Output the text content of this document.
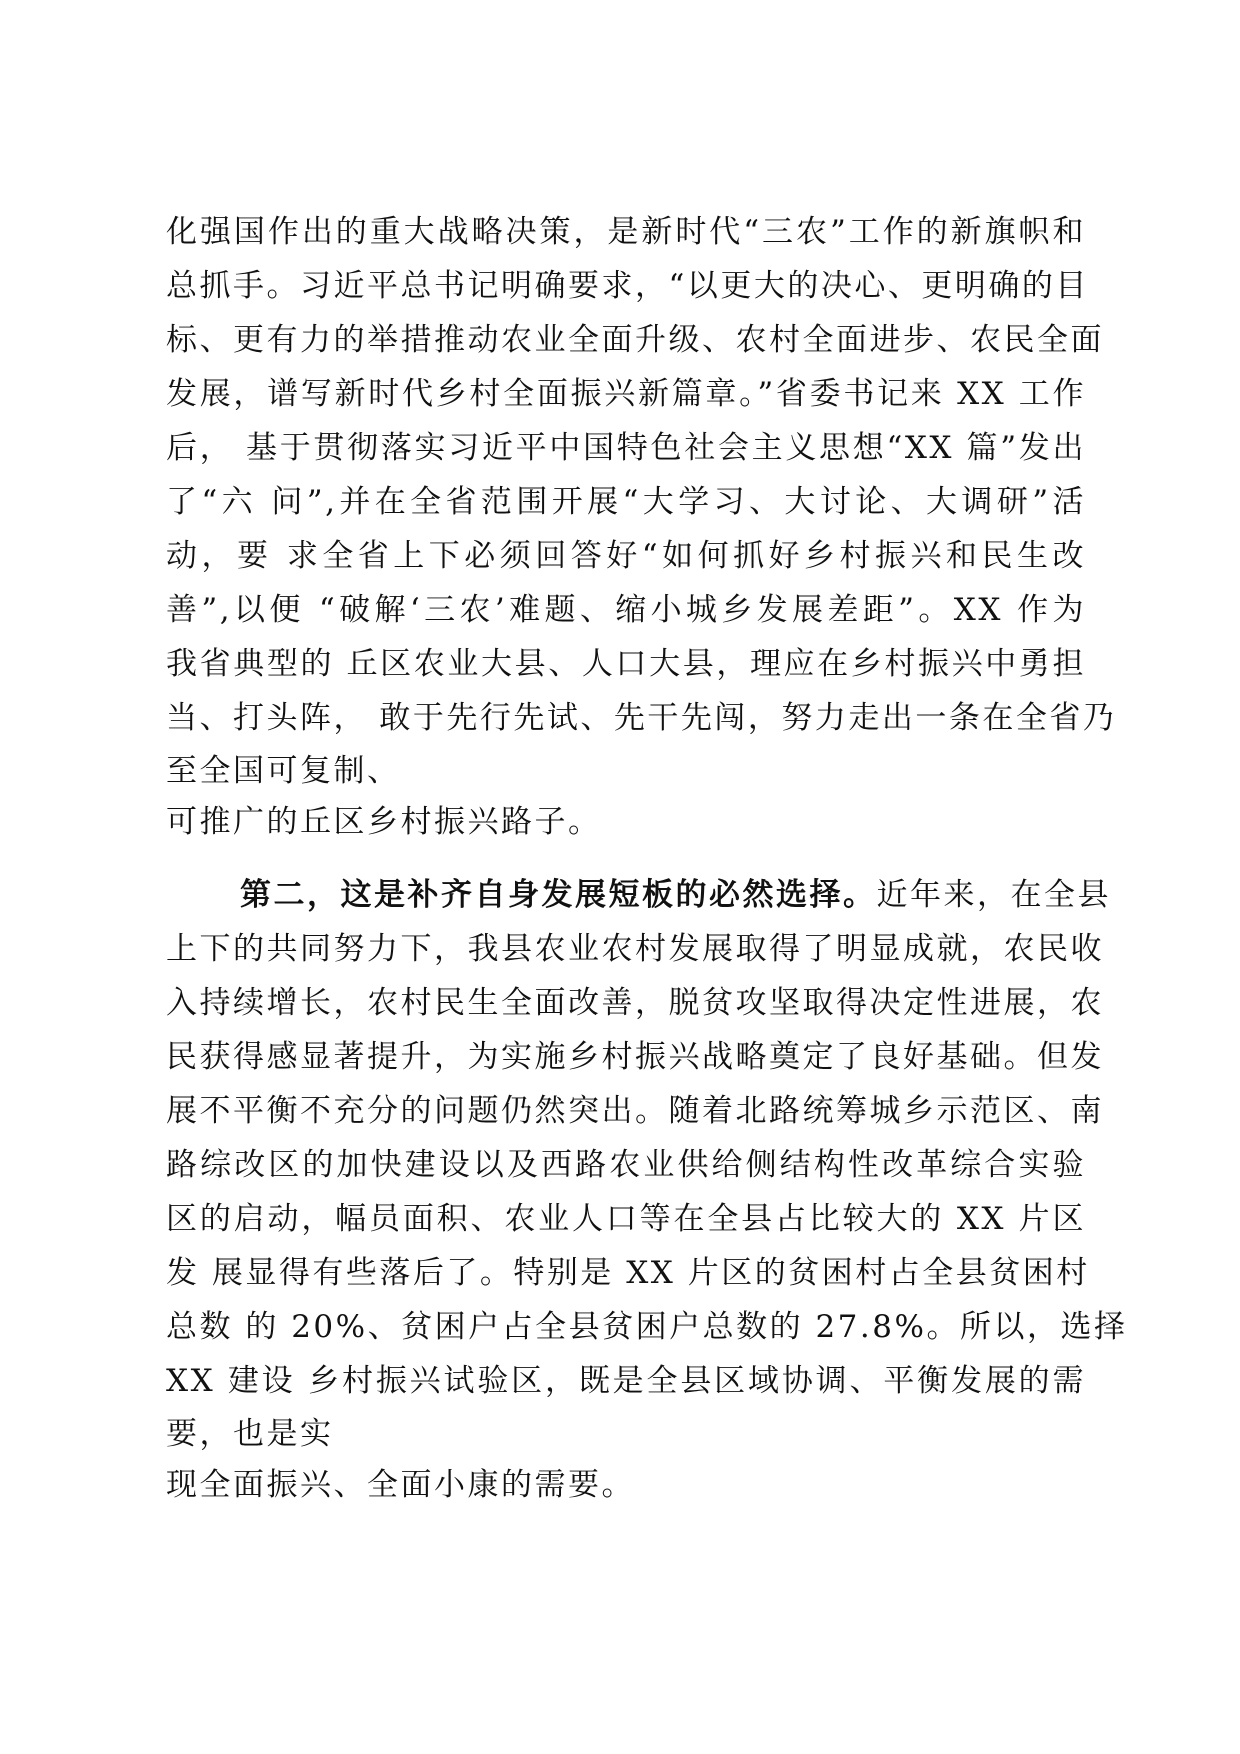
化强国作出的重大战略决策，是新时代“三农”工作的新旗帜和
总抓手。习近平总书记明确要求，“以更大的决心、更明确的目
标、更有力的举措推动农业全面升级、农村全面进步、农民全面
发展，谱写新时代乡村全面振兴新篇章。”省委书记来 XX 工作
后， 基于贯彻落实习近平中国特色社会主义思想“XX 篇”发出
了“六 问”,并在全省范围开展“大学习、大讨论、大调研”活
动，要 求全省上下必须回答好“如何抓好乡村振兴和民生改
善”,以便 “破解‘三农’难题、缩小城乡发展差距”。XX 作为
我省典型的 丘区农业大县、人口大县，理应在乡村振兴中勇担
当、打头阵， 敢于先行先试、先干先闯，努力走出一条在全省乃
至全国可复制、
可推广的丘区乡村振兴路子。
第二，这是补齐自身发展短板的必然选择。近年来，在全县
上下的共同努力下，我县农业农村发展取得了明显成就，农民收
入持续增长，农村民生全面改善，脱贫攻坚取得决定性进展，农
民获得感显著提升，为实施乡村振兴战略奠定了良好基础。但发
展不平衡不充分的问题仍然突出。随着北路统筹城乡示范区、南
路综改区的加快建设以及西路农业供给侧结构性改革综合实验
区的启动，幅员面积、农业人口等在全县占比较大的 XX 片区
发 展显得有些落后了。特别是 XX 片区的贫困村占全县贫困村
总数 的 20%、贫困户占全县贫困户总数的 27.8%。所以，选择
XX 建设 乡村振兴试验区，既是全县区域协调、平衡发展的需
要，也是实
现全面振兴、全面小康的需要。
